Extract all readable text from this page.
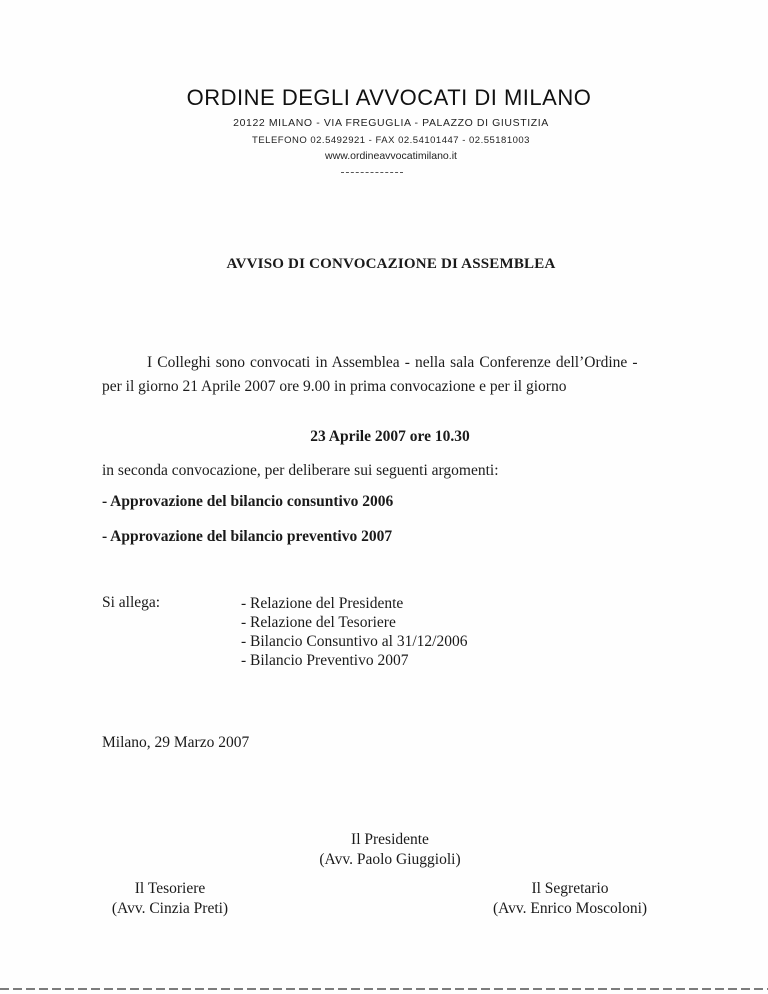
ORDINE DEGLI AVVOCATI DI MILANO
20122 MILANO - VIA FREGUGLIA - PALAZZO DI GIUSTIZIA
TELEFONO 02.5492921 - FAX 02.54101447 - 02.55181003
www.ordineavvocatimilano.it
AVVISO DI CONVOCAZIONE DI ASSEMBLEA
I Colleghi sono convocati in Assemblea - nella sala Conferenze dell’Ordine -
per il giorno 21 Aprile 2007 ore 9.00 in prima convocazione e per il giorno
23 Aprile 2007 ore 10.30
in seconda convocazione, per deliberare sui seguenti argomenti:
- Approvazione del bilancio consuntivo 2006
- Approvazione del bilancio preventivo 2007
Si allega:	- Relazione del Presidente
- Relazione del Tesoriere
- Bilancio Consuntivo al 31/12/2006
- Bilancio Preventivo 2007
Milano, 29 Marzo 2007
Il Presidente
(Avv. Paolo Giuggioli)
Il Tesoriere
(Avv. Cinzia Preti)
Il Segretario
(Avv. Enrico Moscoloni)
